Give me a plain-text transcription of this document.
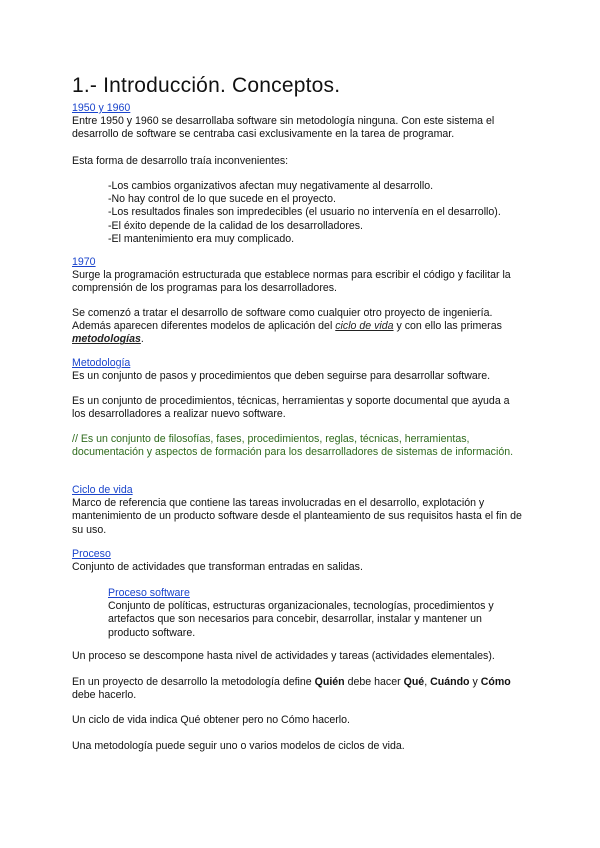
1.- Introducción. Conceptos.

1950 y 1960

Entre 1950 y 1960 se desarrollaba software sin metodología ninguna. Con este sistema el desarrollo de software se centraba casi exclusivamente en la tarea de programar.

Esta forma de desarrollo traía inconvenientes:

-Los cambios organizativos afectan muy negativamente al desarrollo.

-No hay control de lo que sucede en el proyecto.

-Los resultados finales son impredecibles (el usuario no intervenía en el desarrollo).

-El éxito depende de la calidad de los desarrolladores.

-El mantenimiento era muy complicado.

1970

Surge la programación estructurada que establece normas para escribir el código y facilitar la comprensión de los programas para los desarrolladores.

Se comenzó a tratar el desarrollo de software como cualquier otro proyecto de ingeniería. Además aparecen diferentes modelos de aplicación del ciclo de vida y con ello las primeras metodologías.

Metodología

Es un conjunto de pasos y procedimientos que deben seguirse para desarrollar software.

Es un conjunto de procedimientos, técnicas, herramientas y soporte documental que ayuda a los desarrolladores a realizar nuevo software.
// Es un conjunto de filosofías, fases, procedimientos, reglas, técnicas, herramientas, documentación y aspectos de formación para los desarrolladores de sistemas de información.

Ciclo de vida

Marco de referencia que contiene las tareas involucradas en el desarrollo, explotación y mantenimiento de un producto software desde el planteamiento de sus requisitos hasta el fin de su uso.

Proceso

Conjunto de actividades que transforman entradas en salidas.

Proceso software

Conjunto de políticas, estructuras organizacionales, tecnologías, procedimientos y artefactos que son necesarios para concebir, desarrollar, instalar y mantener un producto software.

Un proceso se descompone hasta nivel de actividades y tareas (actividades elementales).
En un proyecto de desarrollo la metodología define Quién debe hacer Qué, Cuándo y Cómo debe hacerlo.
Un ciclo de vida indica Qué obtener pero no Cómo hacerlo.
Una metodología puede seguir uno o varios modelos de ciclos de vida.
